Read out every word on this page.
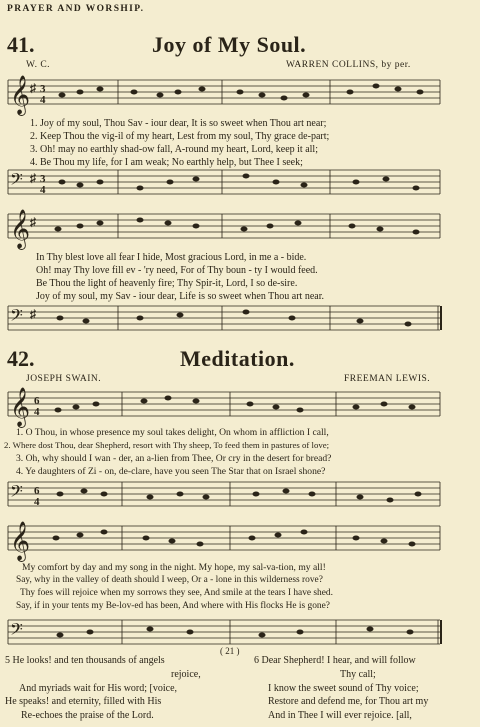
PRAYER AND WORSHIP.
41.	Joy of My Soul.
W. C.	WARREN COLLINS, by per.
𝄞 ♯ 3
4
1. Joy of my soul, Thou Sav - iour dear, It is so sweet when Thou art near;
2. Keep Thou the vig-il of my heart, Lest from my soul, Thy grace de-part;
3. Oh! may no earthly shad-ow fall, A-round my heart, Lord, keep it all;
4. Be Thou my life, for I am weak; No earthly help, but Thee I seek;
𝄢 ♯ 3
4
𝄞 ♯
In Thy blest love all fear I hide, Most gracious Lord, in me a - bide.
Oh! may Thy love fill ev - 'ry need, For of Thy boun - ty I would feed.
Be Thou the light of heavenly fire; Thy Spir-it, Lord, I so de-sire.
Joy of my soul, my Sav - iour dear, Life is so sweet when Thou art near.
𝄢 ♯
42.	Meditation.
JOSEPH SWAIN.	FREEMAN LEWIS.
𝄞 6
4
1. O Thou, in whose presence my soul takes delight, On whom in affliction I call,
2. Where dost Thou, dear Shepherd, resort with Thy sheep, To feed them in pastures of love;
3. Oh, why should I wan - der, an a-lien from Thee, Or cry in the desert for bread?
4. Ye daughters of Zi - on, de-clare, have you seen The Star that on Israel shone?
𝄢 6
4
𝄞
My comfort by day and my song in the night. My hope, my sal-va-tion, my all!
Say, why in the valley of death should I weep, Or a - lone in this wilderness rove?
Thy foes will rejoice when my sorrows they see, And smile at the tears I have shed.
Say, if in your tents my Be-lov-ed has been, And where with His flocks He is gone?
𝄢
5 He looks! and ten thousands of angels
rejoice,
And myriads wait for His word; [voice,
He speaks! and eternity, filled with His
Re-echoes the praise of the Lord.
( 21 )
6 Dear Shepherd! I hear, and will follow
Thy call;
I know the sweet sound of Thy voice;
Restore and defend me, for Thou art my
And in Thee I will ever rejoice. [all,
